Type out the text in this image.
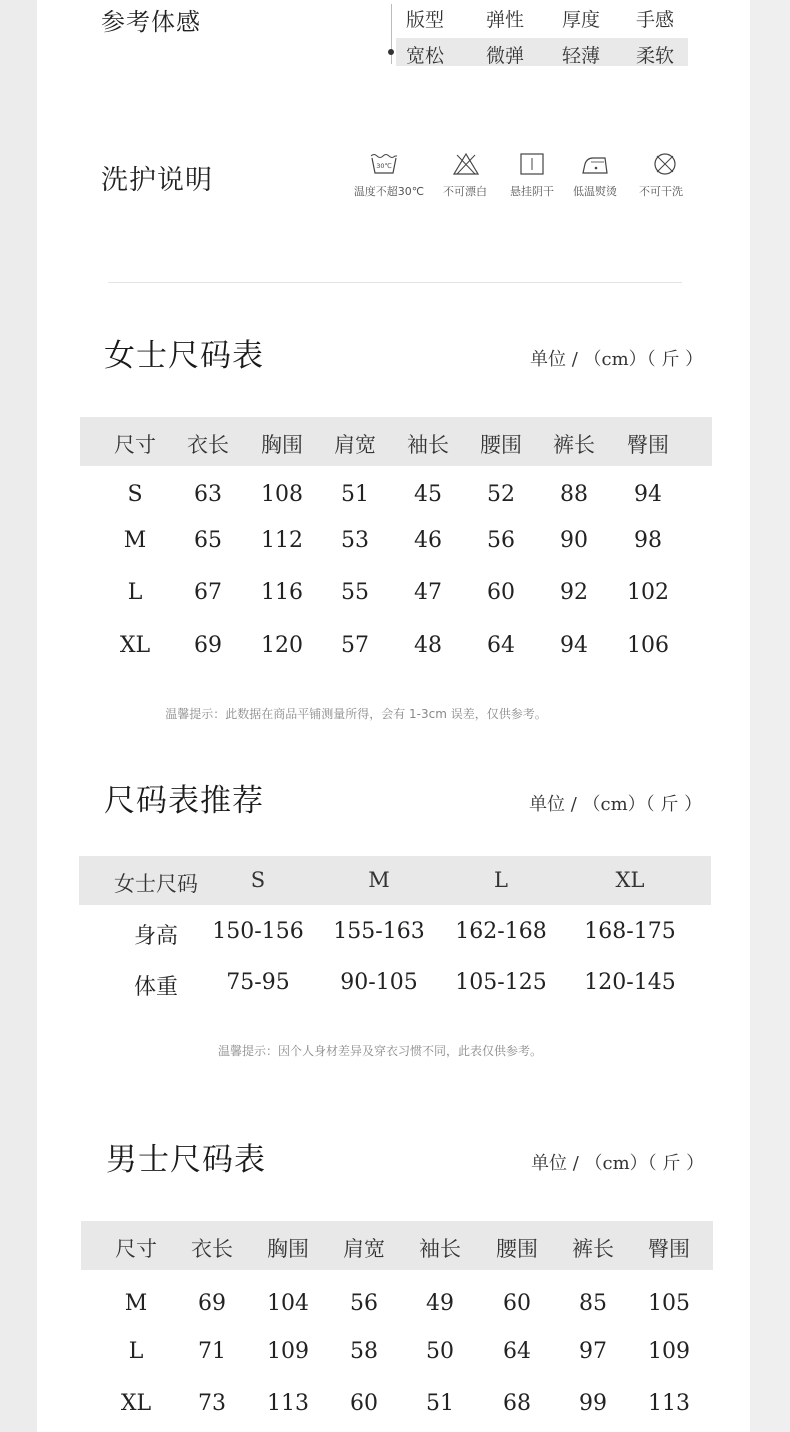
参考体感	版型	弹性	厚度	手感
宽松	微弹	轻薄	柔软
洗护说明	30℃
温度不超30℃	不可漂白	悬挂阴干	低温熨烫	不可干洗
女士尺码表	单位 / （cm）（ 斤 ）
尺寸	衣长	胸围	肩宽	袖长	腰围	裤长	臀围
S	63	108	51	45	52	88	94
M	65	112	53	46	56	90	98
L	67	116	55	47	60	92	102
XL	69	120	57	48	64	94	106
温馨提示：此数据在商品平铺测量所得，会有 1-3cm 误差，仅供参考。
尺码表推荐	单位 / （cm）（ 斤 ）
女士尺码	S	M	L	XL
身高	150-156	155-163	162-168	168-175
体重	75-95	90-105	105-125	120-145
温馨提示：因个人身材差异及穿衣习惯不同，此表仅供参考。
男士尺码表	单位 / （cm）（ 斤 ）
尺寸	衣长	胸围	肩宽	袖长	腰围	裤长	臀围
M	69	104	56	49	60	85	105
L	71	109	58	50	64	97	109
XL	73	113	60	51	68	99	113
